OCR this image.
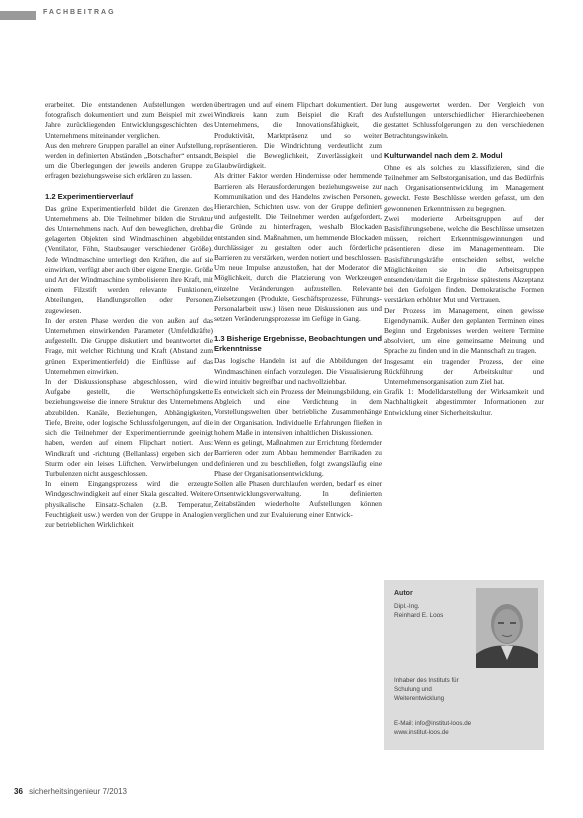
FACHBEITRAG

erarbeitet. Die entstandenen Aufstellungen werden fotografisch dokumentiert und zum Beispiel mit zwei Jahre zurückliegenden Entwicklungsgeschichten des Unternehmens miteinander verglichen.

Aus den mehrere Gruppen parallel an einer Aufstellung, werden in definierten Abständen „Botschafter“ entsandt, um die Überlegungen der jeweils anderen Gruppe zu erfragen beziehungsweise sich erklären zu lassen.

1.2 Experimentierverlauf

Das grüne Experimentierfeld bildet die Grenzen des Unternehmens ab. Die Teilnehmer bilden die Struktur des Unternehmens nach. Auf den beweglichen, drehbar gelagerten Objekten sind Windmaschinen abgebildet (Ventilator, Föhn, Staubsauger verschiedener Größe). Jede Windmaschine unterliegt den Kräften, die auf sie einwirken, verfügt aber auch über eigene Energie. Größe und Art der Windmaschine symbolisieren ihre Kraft, mit einem Filzstift werden relevante Funktionen, Abteilungen, Handlungsrollen oder Personen zugewiesen.

In der ersten Phase werden die von außen auf das Unternehmen einwirkenden Parameter (Umfeldkräfte) aufgestellt. Die Gruppe diskutiert und beantwortet die Frage, mit welcher Richtung und Kraft (Abstand zum grünen Experimentierfeld) die Einflüsse auf das Unternehmen einwirken.

In der Diskussionsphase abgeschlossen, wird die Aufgabe gestellt, die Wertschöpfungskette beziehungsweise die innere Struktur des Unternehmens abzubilden. Kanäle, Beziehungen, Abhängigkeiten, Tiefe, Breite, oder logische Schlussfolgerungen, auf die sich die Teilnehmer der Experimentierrunde geeinigt haben, werden auf einem Flipchart notiert. Aus: Windkraft und -richtung (Bellanlass) ergeben sich der Sturm oder ein leises Lüftchen. Verwirbelungen und Turbulenzen nicht ausgeschlossen.

In einem Eingangsprozess wird die erzeugte Windgeschwindigkeit auf einer Skala gescalted. Weitere physikalische Einsatz-Schalen (z.B. Temperatur, Feuchtigkeit usw.) werden von der Gruppe in Analogien zur betrieblichen Wirklichkeit

übertragen und auf einem Flipchart dokumentiert. Der Windkreis kann zum Beispiel die Kraft des Unternehmens, die Innovationsfähigkeit, die Produktivität, Marktpräsenz und so weiter repräsentieren. Die Windrichtung verdeutlicht zum Beispiel die Beweglichkeit, Zuverlässigkeit und Glaubwürdigkeit.

Als dritter Faktor werden Hindernisse oder hemmende Barrieren als Herausforderungen beziehungsweise zur Kommunikation und des Handelns zwischen Personen, Hierarchien, Schichten usw. von der Gruppe definiert und aufgestellt. Die Teilnehmer werden aufgefordert, die Gründe zu hinterfragen, weshalb Blockaden entstanden sind. Maßnahmen, um hemmende Blockaden durchlässiger zu gestalten oder auch förderliche Barrieren zu verstärken, werden notiert und beschlossen.

Um neue Impulse anzustoßen, hat der Moderator die Möglichkeit, durch die Platzierung von Werkzeugen einzelne Veränderungen aufzustellen. Relevante Zielsetzungen (Produkte, Geschäftsprozesse, Führungs-Personalarbeit usw.) lösen neue Diskussionen aus und setzen Veränderungsprozesse im Gefüge in Gang.

1.3 Bisherige Ergebnisse, Beobachtungen und Erkenntnisse

Das logische Handeln ist auf die Abbildungen der Windmaschinen einfach vorzulegen. Die Visualisierung wird intuitiv begreifbar und nachvollziehbar.

Es entwickelt sich ein Prozess der Meinungsbildung, ein Abgleich und eine Verdichtung in dem Vorstellungswelten über betriebliche Zusammenhänge in der Organisation. Individuelle Erfahrungen fließen in hohem Maße in intensiven inhaltlichen Diskussionen.

Wenn es gelingt, Maßnahmen zur Errichtung fördernder Barrieren oder zum Abbau hemmender Barrikaden zu definieren und zu beschließen, folgt zwangsläufig eine Phase der Organisationsentwicklung.

Sollen alle Phasen durchlaufen werden, bedarf es einer Ortsentwicklungsverwaltung. In definierten Zeitabständen wiederholte Aufstellungen können verglichen und zur Evaluierung einer Entwick-

lung ausgewertet werden. Der Vergleich von Aufstellungen unterschiedlicher Hierarchieebenen gestattet Schlussfolgerungen zu den verschiedenen Betrachtungswinkeln.

Kulturwandel nach dem 2. Modul

Ohne es als solches zu klassifizieren, sind die Teilnehmer am Selbstorganisation, und das Bedürfnis nach Organisationsentwicklung im Management geweckt. Feste Beschlüsse werden gefasst, um den gewonnenen Erkenntnissen zu begegnen.

Zwei moderierte Arbeitsgruppen auf der Basisführungsebene, welche die Beschlüsse umsetzen müssen, reichert Erkenntnisgewinnungen und präsentieren diese im Managementteam. Die Basisführungskräfte entscheiden selbst, welche Möglichkeiten sie in die Arbeitsgruppen entsenden/damit die Ergebnisse spätestens Akzeptanz bei den Gefolgen finden. Demokratische Formen verstärken erhöhter Mut und Vertrauen.

Der Prozess im Management, einen gewisse Eigendynamik. Außer den geplanten Terminen eines Beginn und Ergebnisses werden weitere Termine absolviert, um eine gemeinsame Meinung und Sprache zu finden und in die Mannschaft zu tragen.

Insgesamt ein tragender Prozess, der eine Rückführung der Arbeitskultur und Unternehmensorganisation zum Ziel hat.

Grafik 1: Modelldarstellung der Wirksamkeit und Nachhaltigkeit abgestimmter Informationen zur Entwicklung einer Sicherheitskultur.

Autor
Dipl.-Ing.
Reinhard E. Loos
Inhaber des Instituts für Schulung und Weiterentwicklung
E-Mail: info@institut-loos.de
www.institut-loos.de
36 sicherheitsingenieur 7/2013
